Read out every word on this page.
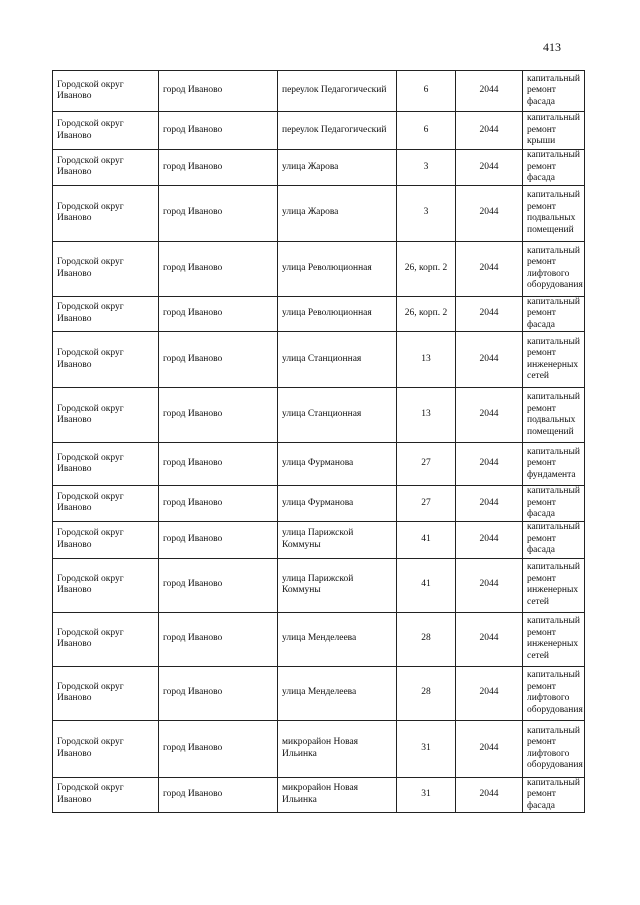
413
Городской округ Иваново	город Иваново	переулок Педагогический	6	2044	капитальный ремонт фасада
Городской округ Иваново	город Иваново	переулок Педагогический	6	2044	капитальный ремонт крыши
Городской округ Иваново	город Иваново	улица Жарова	3	2044	капитальный ремонт фасада
Городской округ Иваново	город Иваново	улица Жарова	3	2044	капитальный ремонт подвальных помещений
Городской округ Иваново	город Иваново	улица Революционная	26, корп. 2	2044	капитальный ремонт лифтового оборудования
Городской округ Иваново	город Иваново	улица Революционная	26, корп. 2	2044	капитальный ремонт фасада
Городской округ Иваново	город Иваново	улица Станционная	13	2044	капитальный ремонт инженерных сетей
Городской округ Иваново	город Иваново	улица Станционная	13	2044	капитальный ремонт подвальных помещений
Городской округ Иваново	город Иваново	улица Фурманова	27	2044	капитальный ремонт фундамента
Городской округ Иваново	город Иваново	улица Фурманова	27	2044	капитальный ремонт фасада
Городской округ Иваново	город Иваново	улица Парижской Коммуны	41	2044	капитальный ремонт фасада
Городской округ Иваново	город Иваново	улица Парижской Коммуны	41	2044	капитальный ремонт инженерных сетей
Городской округ Иваново	город Иваново	улица Менделеева	28	2044	капитальный ремонт инженерных сетей
Городской округ Иваново	город Иваново	улица Менделеева	28	2044	капитальный ремонт лифтового оборудования
Городской округ Иваново	город Иваново	микрорайон Новая Ильинка	31	2044	капитальный ремонт лифтового оборудования
Городской округ Иваново	город Иваново	микрорайон Новая Ильинка	31	2044	капитальный ремонт фасада
